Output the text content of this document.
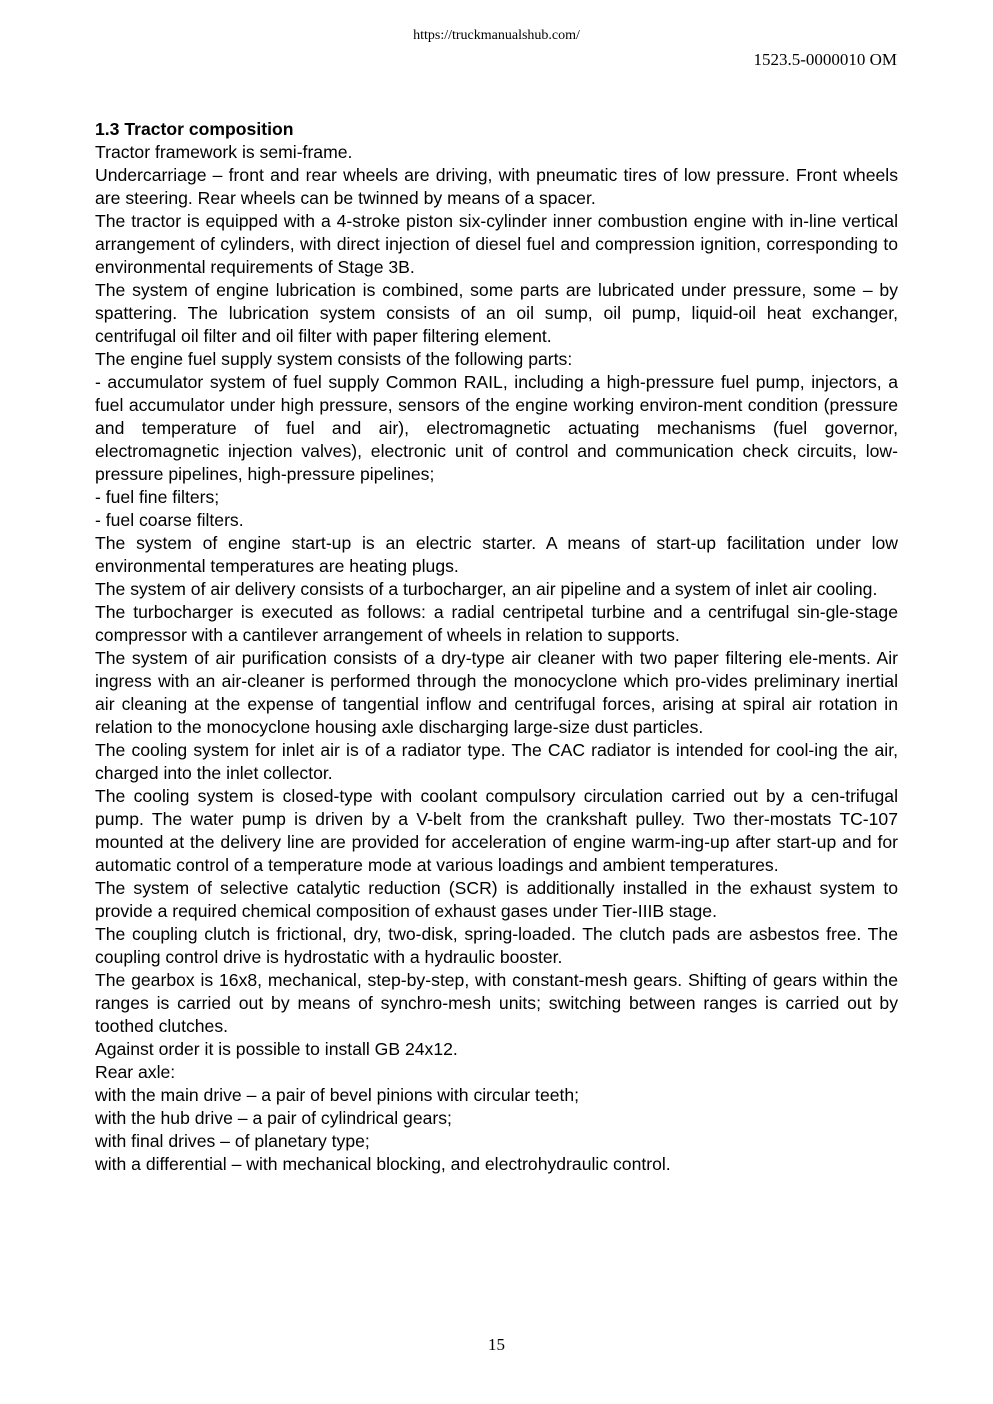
https://truckmanualshub.com/
1523.5-0000010 OM
1.3 Tractor composition

Tractor framework is semi-frame.

Undercarriage – front and rear wheels are driving, with pneumatic tires of low pressure. Front wheels are steering. Rear wheels can be twinned by means of a spacer.

The tractor is equipped with a 4-stroke piston six-cylinder inner combustion engine with in-line vertical arrangement of cylinders, with direct injection of diesel fuel and compression ignition, corresponding to environmental requirements of Stage 3B.

The system of engine lubrication is combined, some parts are lubricated under pressure, some – by spattering. The lubrication system consists of an oil sump, oil pump, liquid-oil heat exchanger, centrifugal oil filter and oil filter with paper filtering element.

The engine fuel supply system consists of the following parts:

- accumulator system of fuel supply Common RAIL, including a high-pressure fuel pump, injectors, a fuel accumulator under high pressure, sensors of the engine working environ-ment condition (pressure and temperature of fuel and air), electromagnetic actuating mechanisms (fuel governor, electromagnetic injection valves), electronic unit of control and communication check circuits, low-pressure pipelines, high-pressure pipelines;

- fuel fine filters;

- fuel coarse filters.

The system of engine start-up is an electric starter. A means of start-up facilitation under low environmental temperatures are heating plugs.

The system of air delivery consists of a turbocharger, an air pipeline and a system of inlet air cooling.

The turbocharger is executed as follows: a radial centripetal turbine and a centrifugal sin-gle-stage compressor with a cantilever arrangement of wheels in relation to supports.

The system of air purification consists of a dry-type air cleaner with two paper filtering ele-ments. Air ingress with an air-cleaner is performed through the monocyclone which pro-vides preliminary inertial air cleaning at the expense of tangential inflow and centrifugal forces, arising at spiral air rotation in relation to the monocyclone housing axle discharging large-size dust particles.

The cooling system for inlet air is of a radiator type. The CAC radiator is intended for cool-ing the air, charged into the inlet collector.

The cooling system is closed-type with coolant compulsory circulation carried out by a cen-trifugal pump. The water pump is driven by a V-belt from the crankshaft pulley. Two ther-mostats TC-107 mounted at the delivery line are provided for acceleration of engine warm-ing-up after start-up and for automatic control of a temperature mode at various loadings and ambient temperatures.

The system of selective catalytic reduction (SCR) is additionally installed in the exhaust system to provide a required chemical composition of exhaust gases under Tier-IIIB stage.

The coupling clutch is frictional, dry, two-disk, spring-loaded. The clutch pads are asbestos free. The coupling control drive is hydrostatic with a hydraulic booster.

The gearbox is 16x8, mechanical, step-by-step, with constant-mesh gears. Shifting of gears within the ranges is carried out by means of synchro-mesh units; switching between ranges is carried out by toothed clutches.

Against order it is possible to install GB 24x12.

Rear axle:

with the main drive – a pair of bevel pinions with circular teeth;

with the hub drive – a pair of cylindrical gears;

with final drives – of planetary type;

with a differential – with mechanical blocking, and electrohydraulic control.

15
